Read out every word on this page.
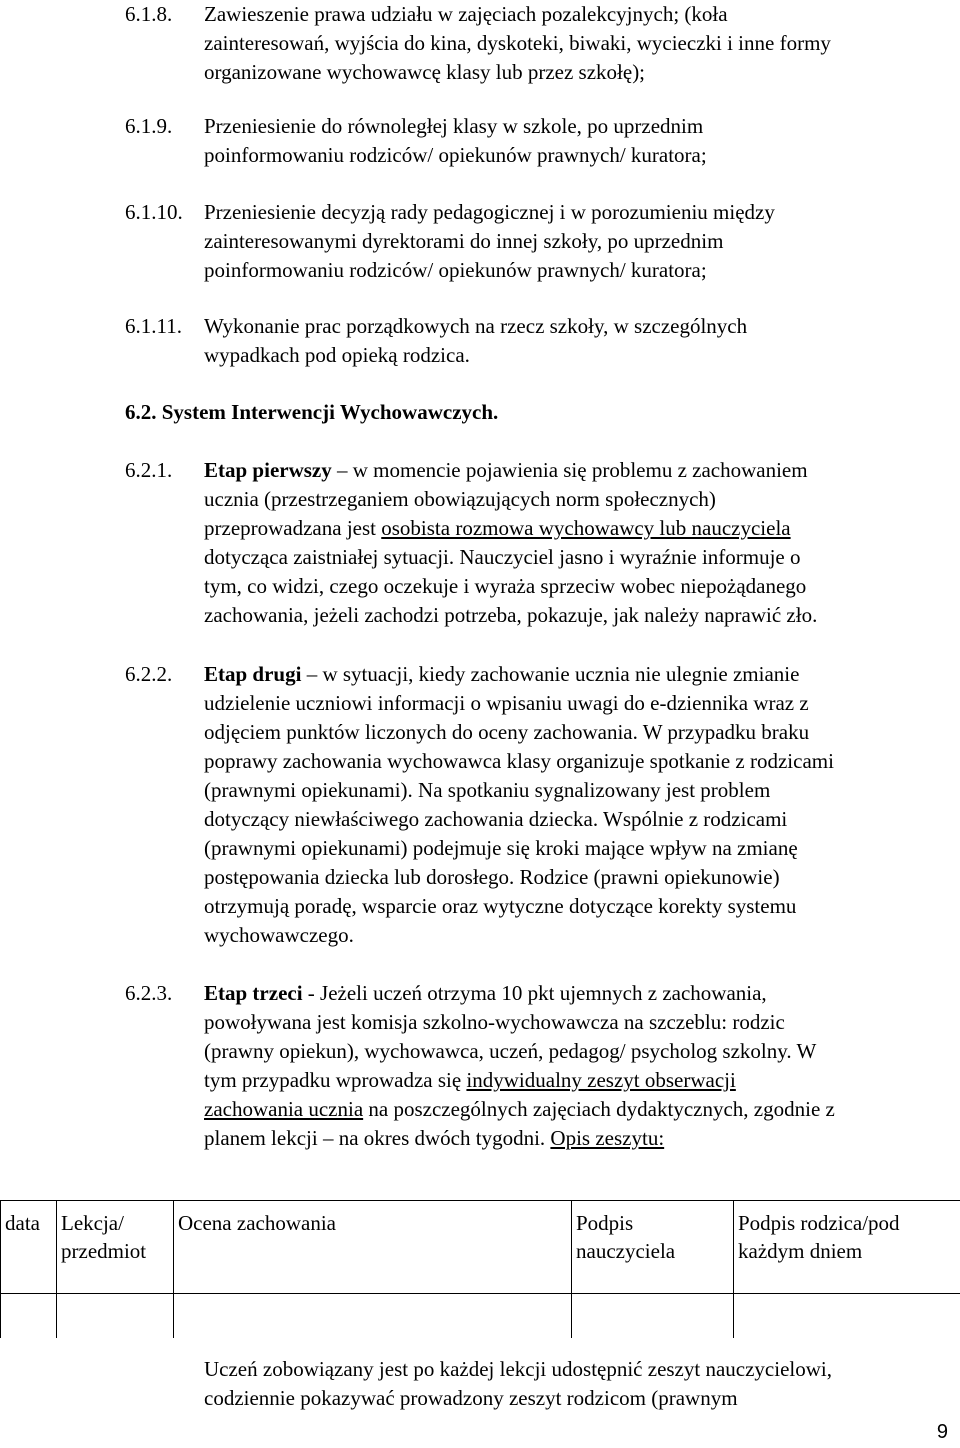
6.1.8. Zawieszenie prawa udziału w zajęciach pozalekcyjnych; (koła
zainteresowań, wyjścia do kina, dyskoteki, biwaki, wycieczki i inne formy
organizowane wychowawcę klasy lub przez szkołę);
6.1.9. Przeniesienie do równoległej klasy w szkole, po uprzednim
poinformowaniu rodziców/ opiekunów prawnych/ kuratora;
6.1.10. Przeniesienie decyzją rady pedagogicznej i w porozumieniu między
zainteresowanymi dyrektorami do innej szkoły, po uprzednim
poinformowaniu rodziców/ opiekunów prawnych/ kuratora;
6.1.11. Wykonanie prac porządkowych na rzecz szkoły, w szczególnych
wypadkach pod opieką rodzica.
6.2. System Interwencji Wychowawczych.
6.2.1. Etap pierwszy – w momencie pojawienia się problemu z zachowaniem
ucznia (przestrzeganiem obowiązujących norm społecznych)
przeprowadzana jest osobista rozmowa wychowawcy lub nauczyciela
dotycząca zaistniałej sytuacji. Nauczyciel jasno i wyraźnie informuje o
tym, co widzi, czego oczekuje i wyraża sprzeciw wobec niepożądanego
zachowania, jeżeli zachodzi potrzeba, pokazuje, jak należy naprawić zło.
6.2.2. Etap drugi – w sytuacji, kiedy zachowanie ucznia nie ulegnie zmianie
udzielenie uczniowi informacji o wpisaniu uwagi do e-dziennika wraz z
odjęciem punktów liczonych do oceny zachowania. W przypadku braku
poprawy zachowania wychowawca klasy organizuje spotkanie z rodzicami
(prawnymi opiekunami). Na spotkaniu sygnalizowany jest problem
dotyczący niewłaściwego zachowania dziecka. Wspólnie z rodzicami
(prawnymi opiekunami) podejmuje się kroki mające wpływ na zmianę
postępowania dziecka lub dorosłego. Rodzice (prawni opiekunowie)
otrzymują poradę, wsparcie oraz wytyczne dotyczące korekty systemu
wychowawczego.
6.2.3. Etap trzeci - Jeżeli uczeń otrzyma 10 pkt ujemnych z zachowania,
powoływana jest komisja szkolno-wychowawcza na szczeblu: rodzic
(prawny opiekun), wychowawca, uczeń, pedagog/ psycholog szkolny. W
tym przypadku wprowadza się indywidualny zeszyt obserwacji
zachowania ucznia na poszczególnych zajęciach dydaktycznych, zgodnie z
planem lekcji – na okres dwóch tygodni. Opis zeszytu:
data	Lekcja/ przedmiot	Ocena zachowania	Podpis nauczyciela	Podpis rodzica/pod każdym dniem

Uczeń zobowiązany jest po każdej lekcji udostępnić zeszyt nauczycielowi,
codziennie pokazywać prowadzony zeszyt rodzicom (prawnym
9
